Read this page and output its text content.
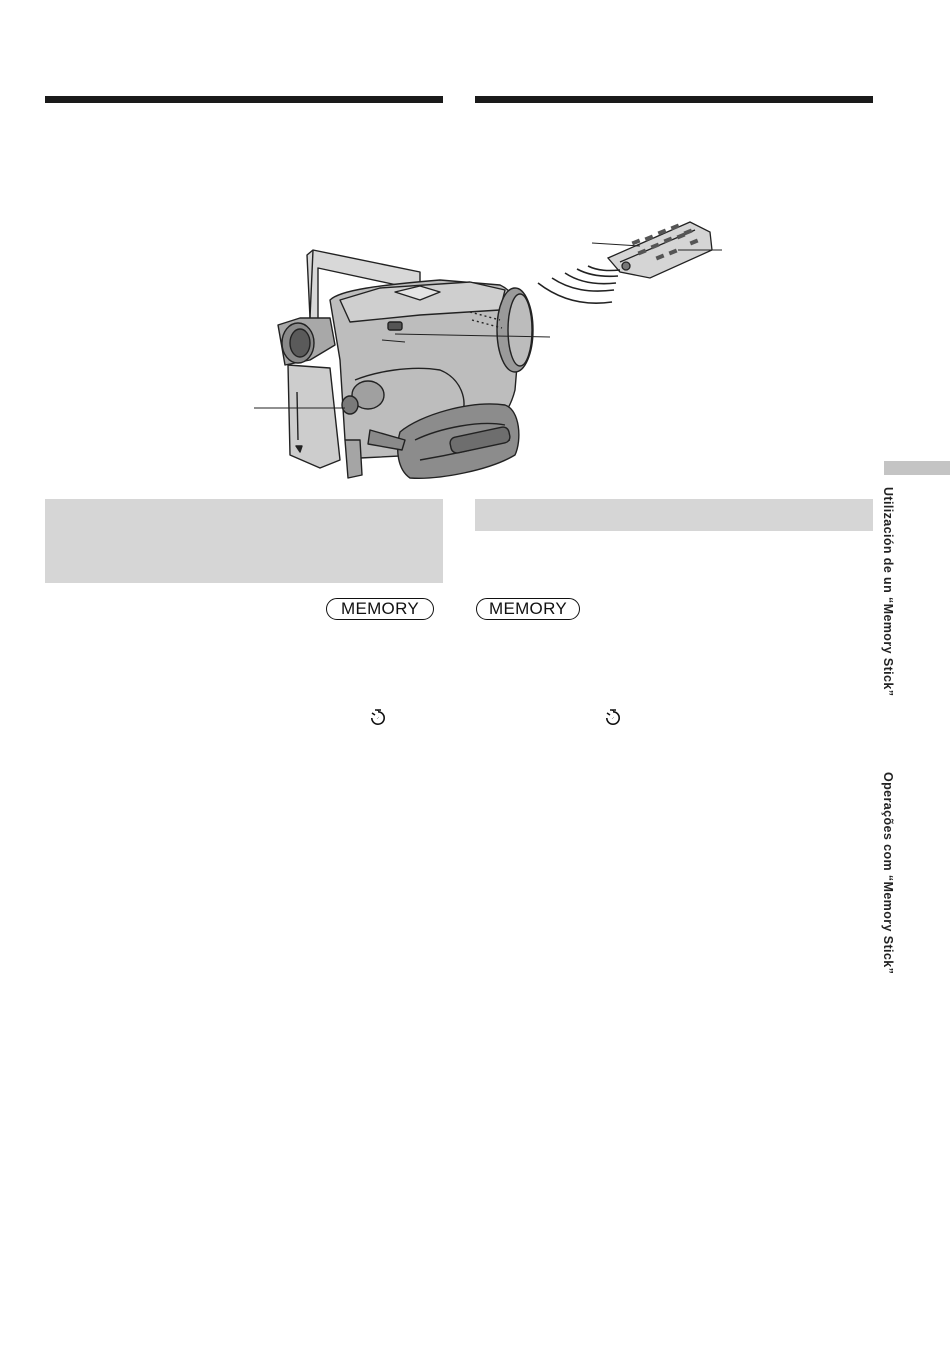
MEMORY	MEMORY	Utilización de un “Memory Stick”
Operações com “Memory Stick”
